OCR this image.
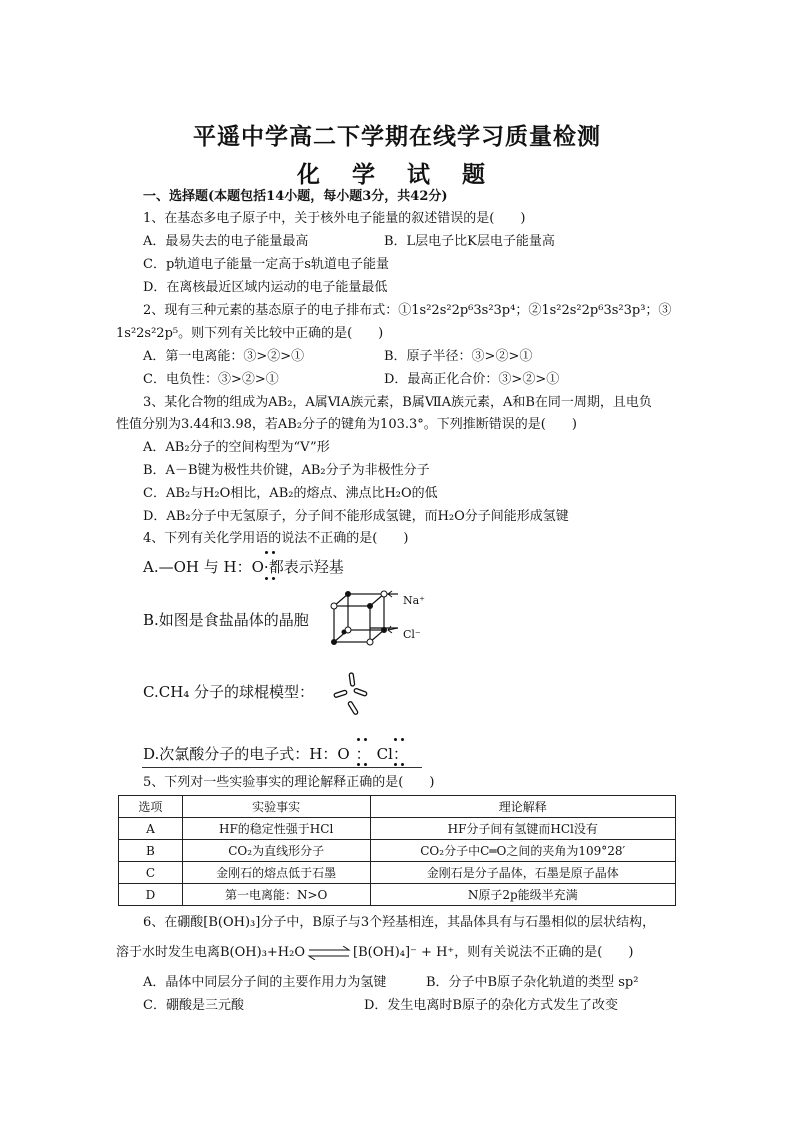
平遥中学高二下学期在线学习质量检测
化 学 试 题
一、选择题(本题包括14小题，每小题3分，共42分)
1、在基态多电子原子中，关于核外电子能量的叙述错误的是(　　)
A．最易失去的电子能量最高	B．L层电子比K层电子能量高
C．p轨道电子能量一定高于s轨道电子能量
D．在离核最近区域内运动的电子能量最低
2、现有三种元素的基态原子的电子排布式：①1s²2s²2p⁶3s²3p⁴；②1s²2s²2p⁶3s²3p³；③
1s²2s²2p⁵。则下列有关比较中正确的是(　　)
A．第一电离能：③>②>①	B．原子半径：③>②>①
C．电负性：③>②>①	D．最高正化合价：③>②>①
3、某化合物的组成为AB₂，A属ⅥA族元素，B属ⅦA族元素，A和B在同一周期，且电负
性值分别为3.44和3.98，若AB₂分子的键角为103.3°。下列推断错误的是(　　)
A．AB₂分子的空间构型为“V”形
B．A－B键为极性共价键，AB₂分子为非极性分子
C．AB₂与H₂O相比，AB₂的熔点、沸点比H₂O的低
D．AB₂分子中无氢原子，分子间不能形成氢键，而H₂O分子间能形成氢键
4、下列有关化学用语的说法不正确的是(　　)
A.—OH 与 H：O·都表示羟基
B.如图是食盐晶体的晶胞
Na⁺
Cl⁻
C.CH₄ 分子的球棍模型：
D.次氯酸分子的电子式：H：O ： Cl：
5、下列对一些实验事实的理论解释正确的是(　　)
选项	实验事实	理论解释
A	HF的稳定性强于HCl	HF分子间有氢键而HCl没有
B	CO₂为直线形分子	CO₂分子中C═O之间的夹角为109°28′
C	金刚石的熔点低于石墨	金刚石是分子晶体，石墨是原子晶体
D	第一电离能：N>O	N原子2p能级半充满
6、在硼酸[B(OH)₃]分子中，B原子与3个羟基相连，其晶体具有与石墨相似的层状结构，
溶于水时发生电离B(OH)₃+H₂O ⇌ [B(OH)₄]⁻ + H⁺，则有关说法不正确的是(　　)
A．晶体中同层分子间的主要作用力为氢键	B．分子中B原子杂化轨道的类型 sp²
C．硼酸是三元酸	D．发生电离时B原子的杂化方式发生了改变
